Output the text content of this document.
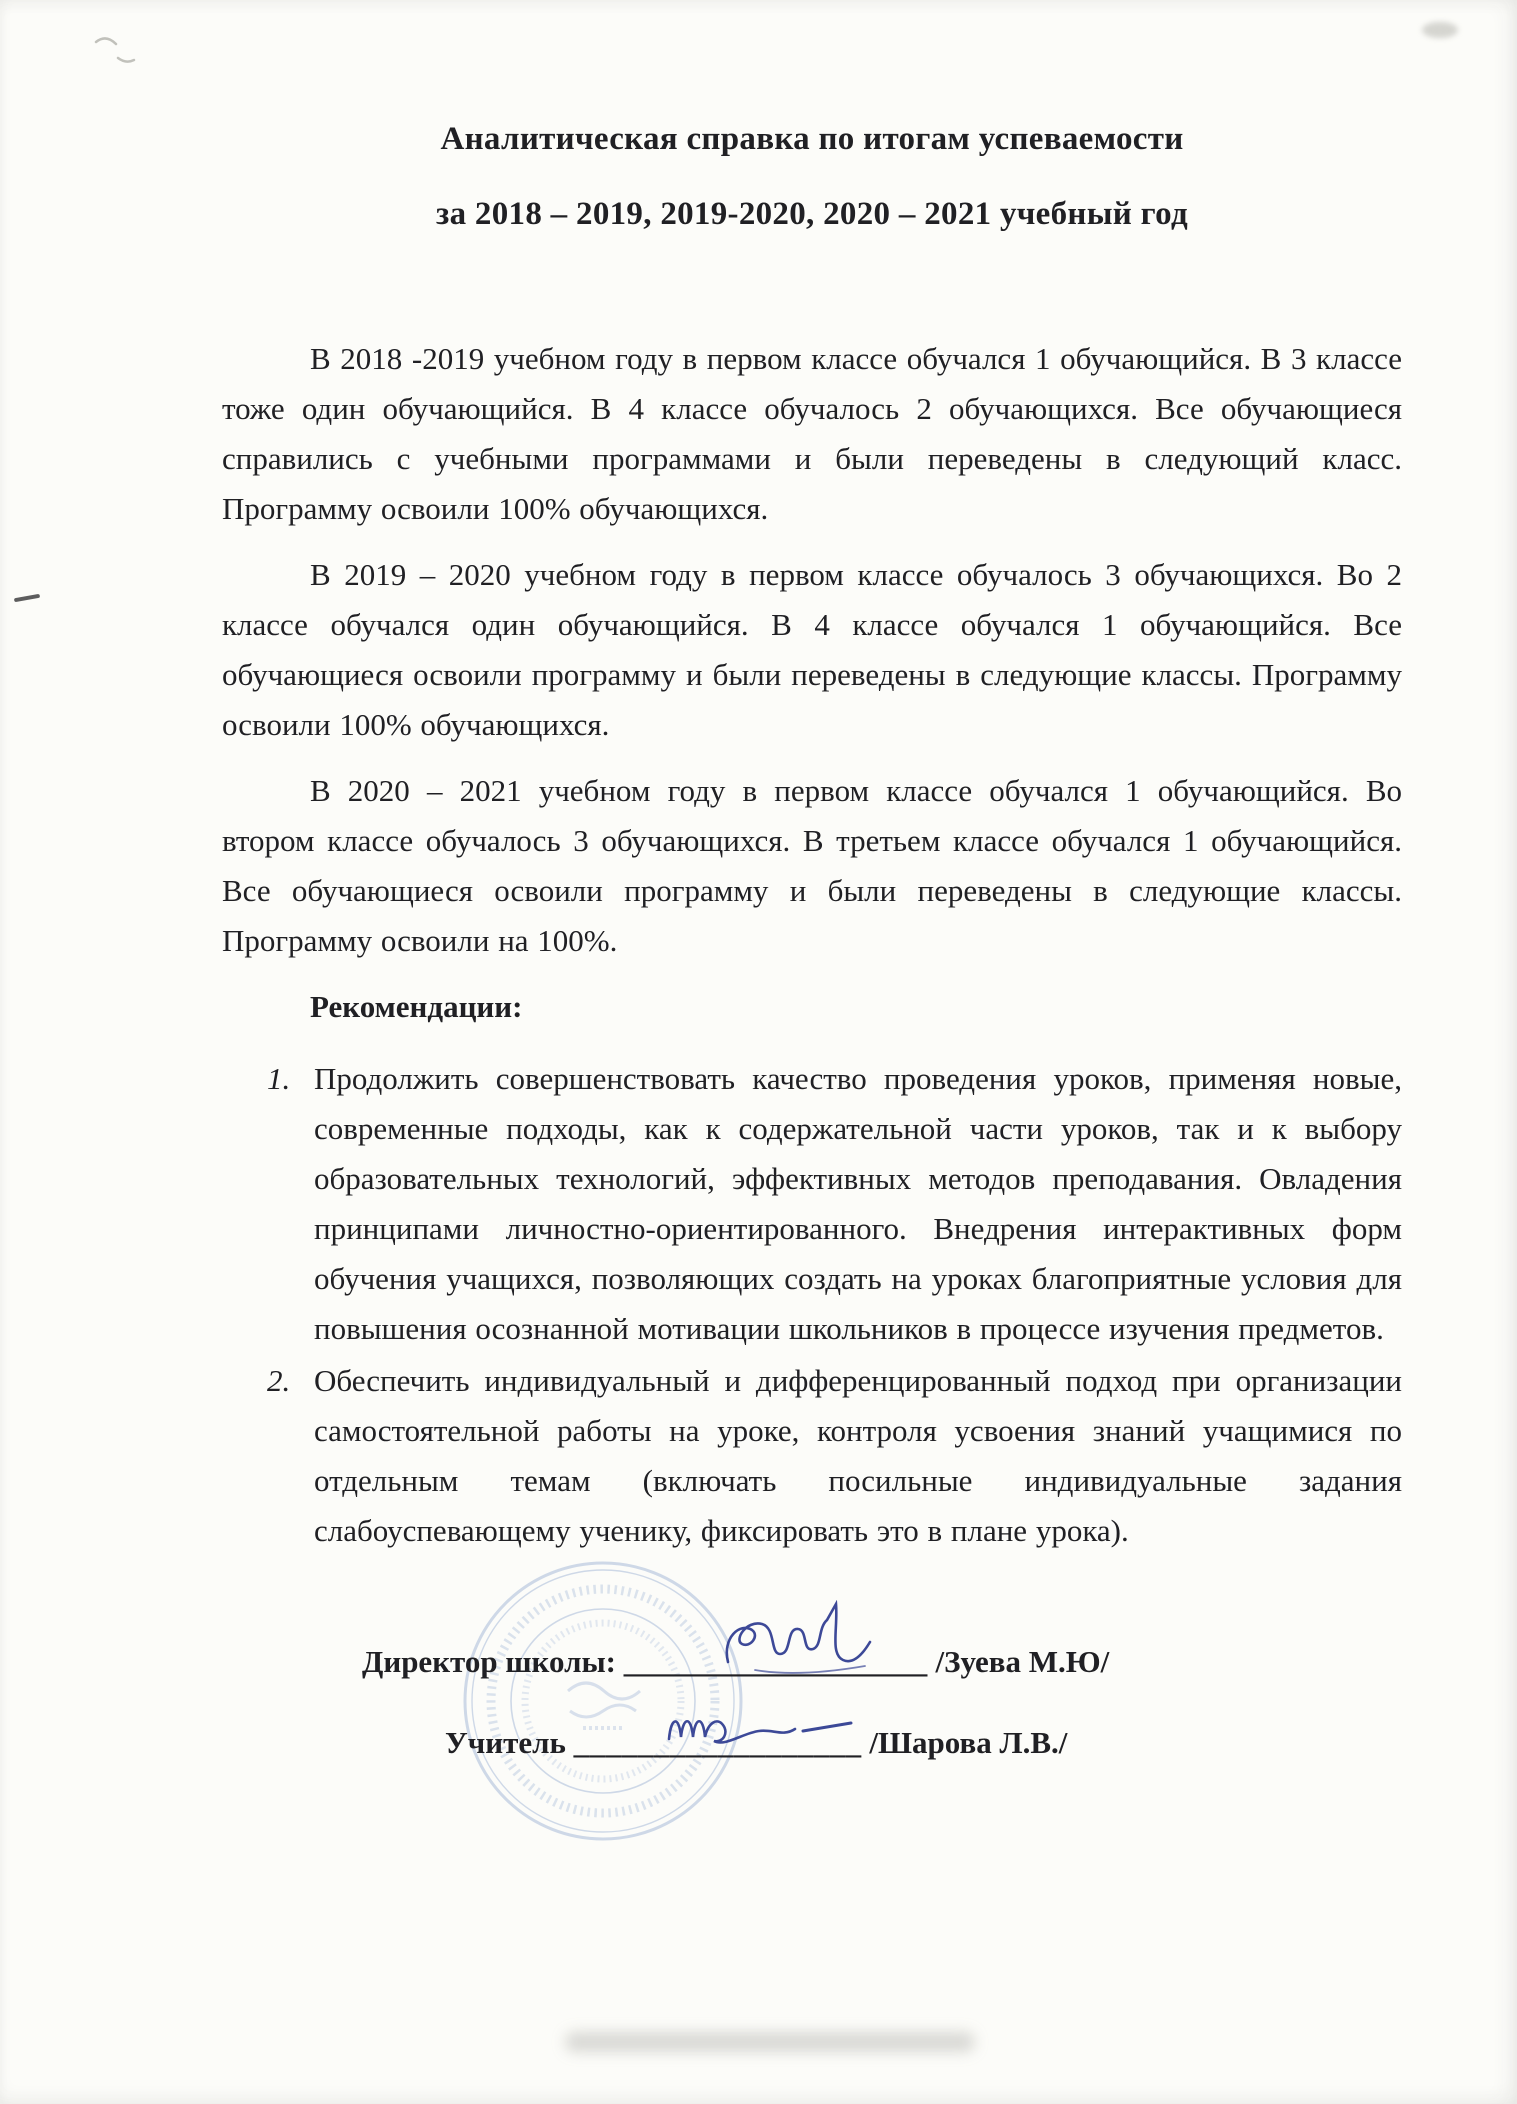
Аналитическая справка по итогам успеваемости
за 2018 – 2019, 2019-2020, 2020 – 2021 учебный год

В 2018 -2019 учебном году в первом классе обучался 1 обучающийся. В 3 классе тоже один обучающийся. В 4 классе обучалось 2 обучающихся. Все обучающиеся справились с учебными программами и были переведены в следующий класс. Программу освоили 100% обучающихся.

В 2019 – 2020 учебном году в первом классе обучалось 3 обучающихся. Во 2 классе обучался один обучающийся. В 4 классе обучался 1 обучающийся. Все обучающиеся освоили программу и были переведены в следующие классы. Программу освоили 100% обучающихся.

В 2020 – 2021 учебном году в первом классе обучался 1 обучающийся. Во втором классе обучалось 3 обучающихся. В третьем классе обучался 1 обучающийся. Все обучающиеся освоили программу и были переведены в следующие классы. Программу освоили на 100%.

Рекомендации:
1. Продолжить совершенствовать качество проведения уроков, применяя новые, современные подходы, как к содержательной части уроков, так и к выбору образовательных технологий, эффективных методов преподавания. Овладения принципами личностно-ориентированного. Внедрения интерактивных форм обучения учащихся, позволяющих создать на уроках благоприятные условия для повышения осознанной мотивации школьников в процессе изучения предметов.
2. Обеспечить индивидуальный и дифференцированный подход при организации самостоятельной работы на уроке, контроля усвоения знаний учащимися по отдельным темам (включать посильные индивидуальные задания слабоуспевающему ученику, фиксировать это в плане урока).
Директор школы: ___________________ /Зуева М.Ю/
Учитель __________________ /Шарова Л.В./
